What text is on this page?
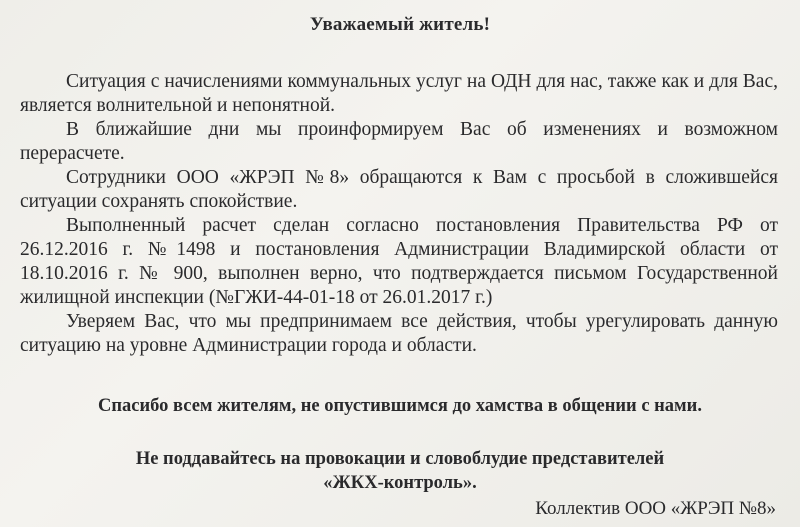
Уважаемый житель!

Ситуация с начислениями коммунальных услуг на ОДН для нас, также как и для Вас, является волнительной и непонятной.

В ближайшие дни мы проинформируем Вас об изменениях и возможном перерасчете.

Сотрудники ООО «ЖРЭП №8» обращаются к Вам с просьбой в сложившейся ситуации сохранять спокойствие.

Выполненный расчет сделан согласно постановления Правительства РФ от 26.12.2016 г. №1498 и постановления Администрации Владимирской области от 18.10.2016 г. № 900, выполнен верно, что подтверждается письмом Государственной жилищной инспекции (№ГЖИ-44-01-18 от 26.01.2017 г.)

Уверяем Вас, что мы предпринимаем все действия, чтобы урегулировать данную ситуацию на уровне Администрации города и области.

Спасибо всем жителям, не опустившимся до хамства в общении с нами.
Не поддавайтесь на провокации и словоблудие представителей
«ЖКХ-контроль».
Коллектив ООО «ЖРЭП №8»
